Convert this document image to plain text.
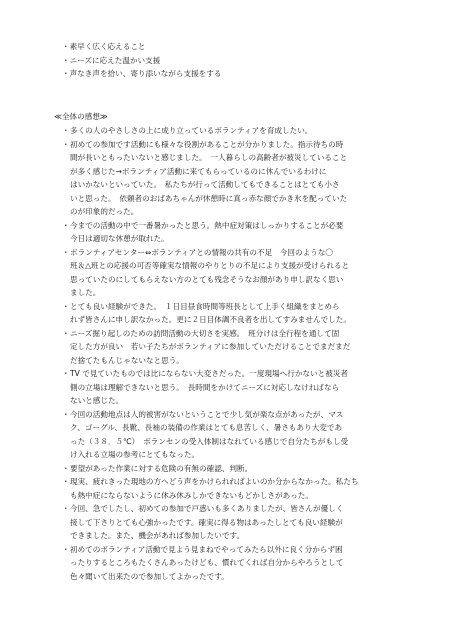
・素早く広く応えること
・ニーズに応えた温かい支援
・声なき声を拾い、寄り添いながら支援をする
≪全体の感想≫
・ 多くの人のやさしさの上に成り立っているボランティアを育成したい。
・ 初めての参加です活動にも様々な役割があることが分かりました。指示待ちの時
間が長いともったいないと感じました。　一人暮らしの高齢者が被災していること
が多く感じた→ボランティア活動に来てもらっているのに休んでいるわけに
はいかないといっていた。　私たちが行って活動してもできることはとても小さ
いと思った。　依頼者のおばあちゃんが休憩時に真っ赤な顔でかき氷を配っていた
のが印象的だった。
・ 今までの活動の中で一番暑かったと思う。熱中症対策はしっかりすることが必要
今日は適切な休憩が取れた。
・ ボランティアセンター⇔ボランティアとの情報の共有の不足　今回のような〇
班＆△班との応援の可否等確実な情報のやりとりの不足により支援が受けられると
思っていたのにしてもらえない方のとても残念そうなお顔があり申し訳なく思い
ました。
・ とても良い経験ができた。　１日目昼食時間等班長として上手く組織をまとめら
れず皆さんに申し訳なかった。更に２日目体調不良者を出してすみませんでした。
・ ニーズ掘り起しのための訪問活動の大切さを実感。　班分けは全行程を通して固
定した方が良い　若い子たちがボランティアに参加していただけることでまだまだ
だ捨てたもんじゃないなと思う。
・ TV で見ていたものでは比にならない大変さだった。一度現場へ行かないと被災者
側の立場は理解できないと思う。　長時間をかけてニーズに対応しなければなら
ないと感じた。
・ 今回の活動地点は人的被害がないということで少し気が楽な点があったが、マス
ク、ゴーグル、長靴、長袖の装備の作業はとても息苦しく、暑さもあり大変であ
った（３８．５℃）　ボランセンの受入体制はなれている感じで自分たちがもし受
け入れる立場の参考にとてもなった。
・ 要望があった作業に対する危険の有無の確認、判断。
・ 現実、疲れきった現地の方へどう声をかけられればよいのか分からなかった。私たち
も熱中症にならないように休み休みしかできないもどかしさがあった。
・ 今回、急でしたし、初めての参加で戸惑いも多くありましたが、皆さんが優しく
接して下さりとても心強かったです。確実に得る物はあったしとても良い経験が
できました。また、機会があれば参加したいです。
・ 初めてのボランティア活動で見よう見まねでやってみたら以外に良く分からず困
ったりするところもたくさんあったけども、慣れてくれば自分からやろうとして
色々聞いて出来たので参加してよかったです。
